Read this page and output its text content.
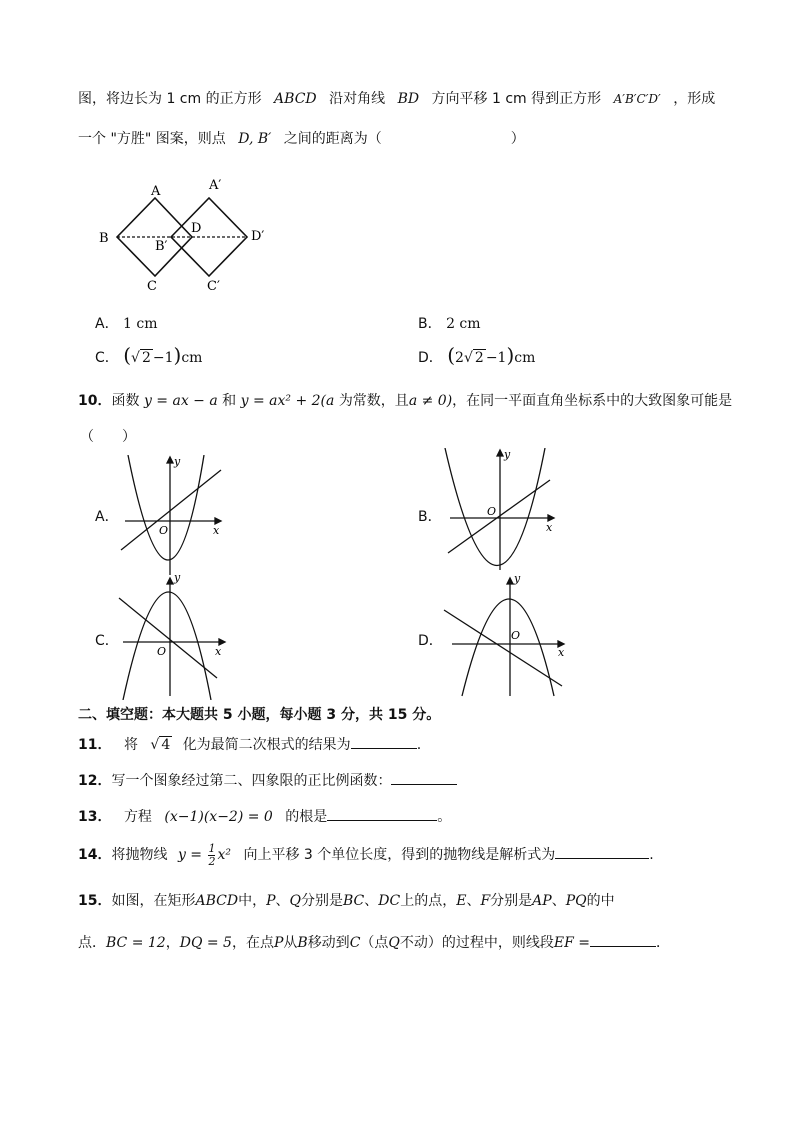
图，将边长为 1 cm 的正方形 ABCD 沿对角线 BD 方向平移 1 cm 得到正方形 A′B′C′D′ ，形成
一个 "方胜" 图案，则点 D, B′ 之间的距离为（	）
A	A′
B
B′
C	C′
D
D′
A． 1 cm	B． 2 cm
C． (√ 2 −1)cm	D． (2√ 2 −1)cm
10．函数 y = ax − a 和 y = ax² + 2(a 为常数，且a ≠ 0)，在同一平面直角坐标系中的大致图象可能是
（　　）
A．
O	x
y
B．	O
x
y
C．
O	x
y
D．	O
x
y
二、填空题：本大题共 5 小题，每小题 3 分，共 15 分。
11． 将 √ 4 化为最简二次根式的结果为	.
12．写一个图象经过第二、四象限的正比例函数：
13． 方程 (x−1)(x−2) = 0 的根是	。
14．将抛物线 $y = \frac{1}{2} x^2$ 向上平移 3 个单位长度，得到的抛物线是解析式为	.
15．如图，在矩形ABCD中，P、Q分别是BC、DC上的点，E、F分别是AP、PQ的中
点．BC = 12，DQ = 5，在点P从B移动到C（点Q不动）的过程中，则线段EF =	．
